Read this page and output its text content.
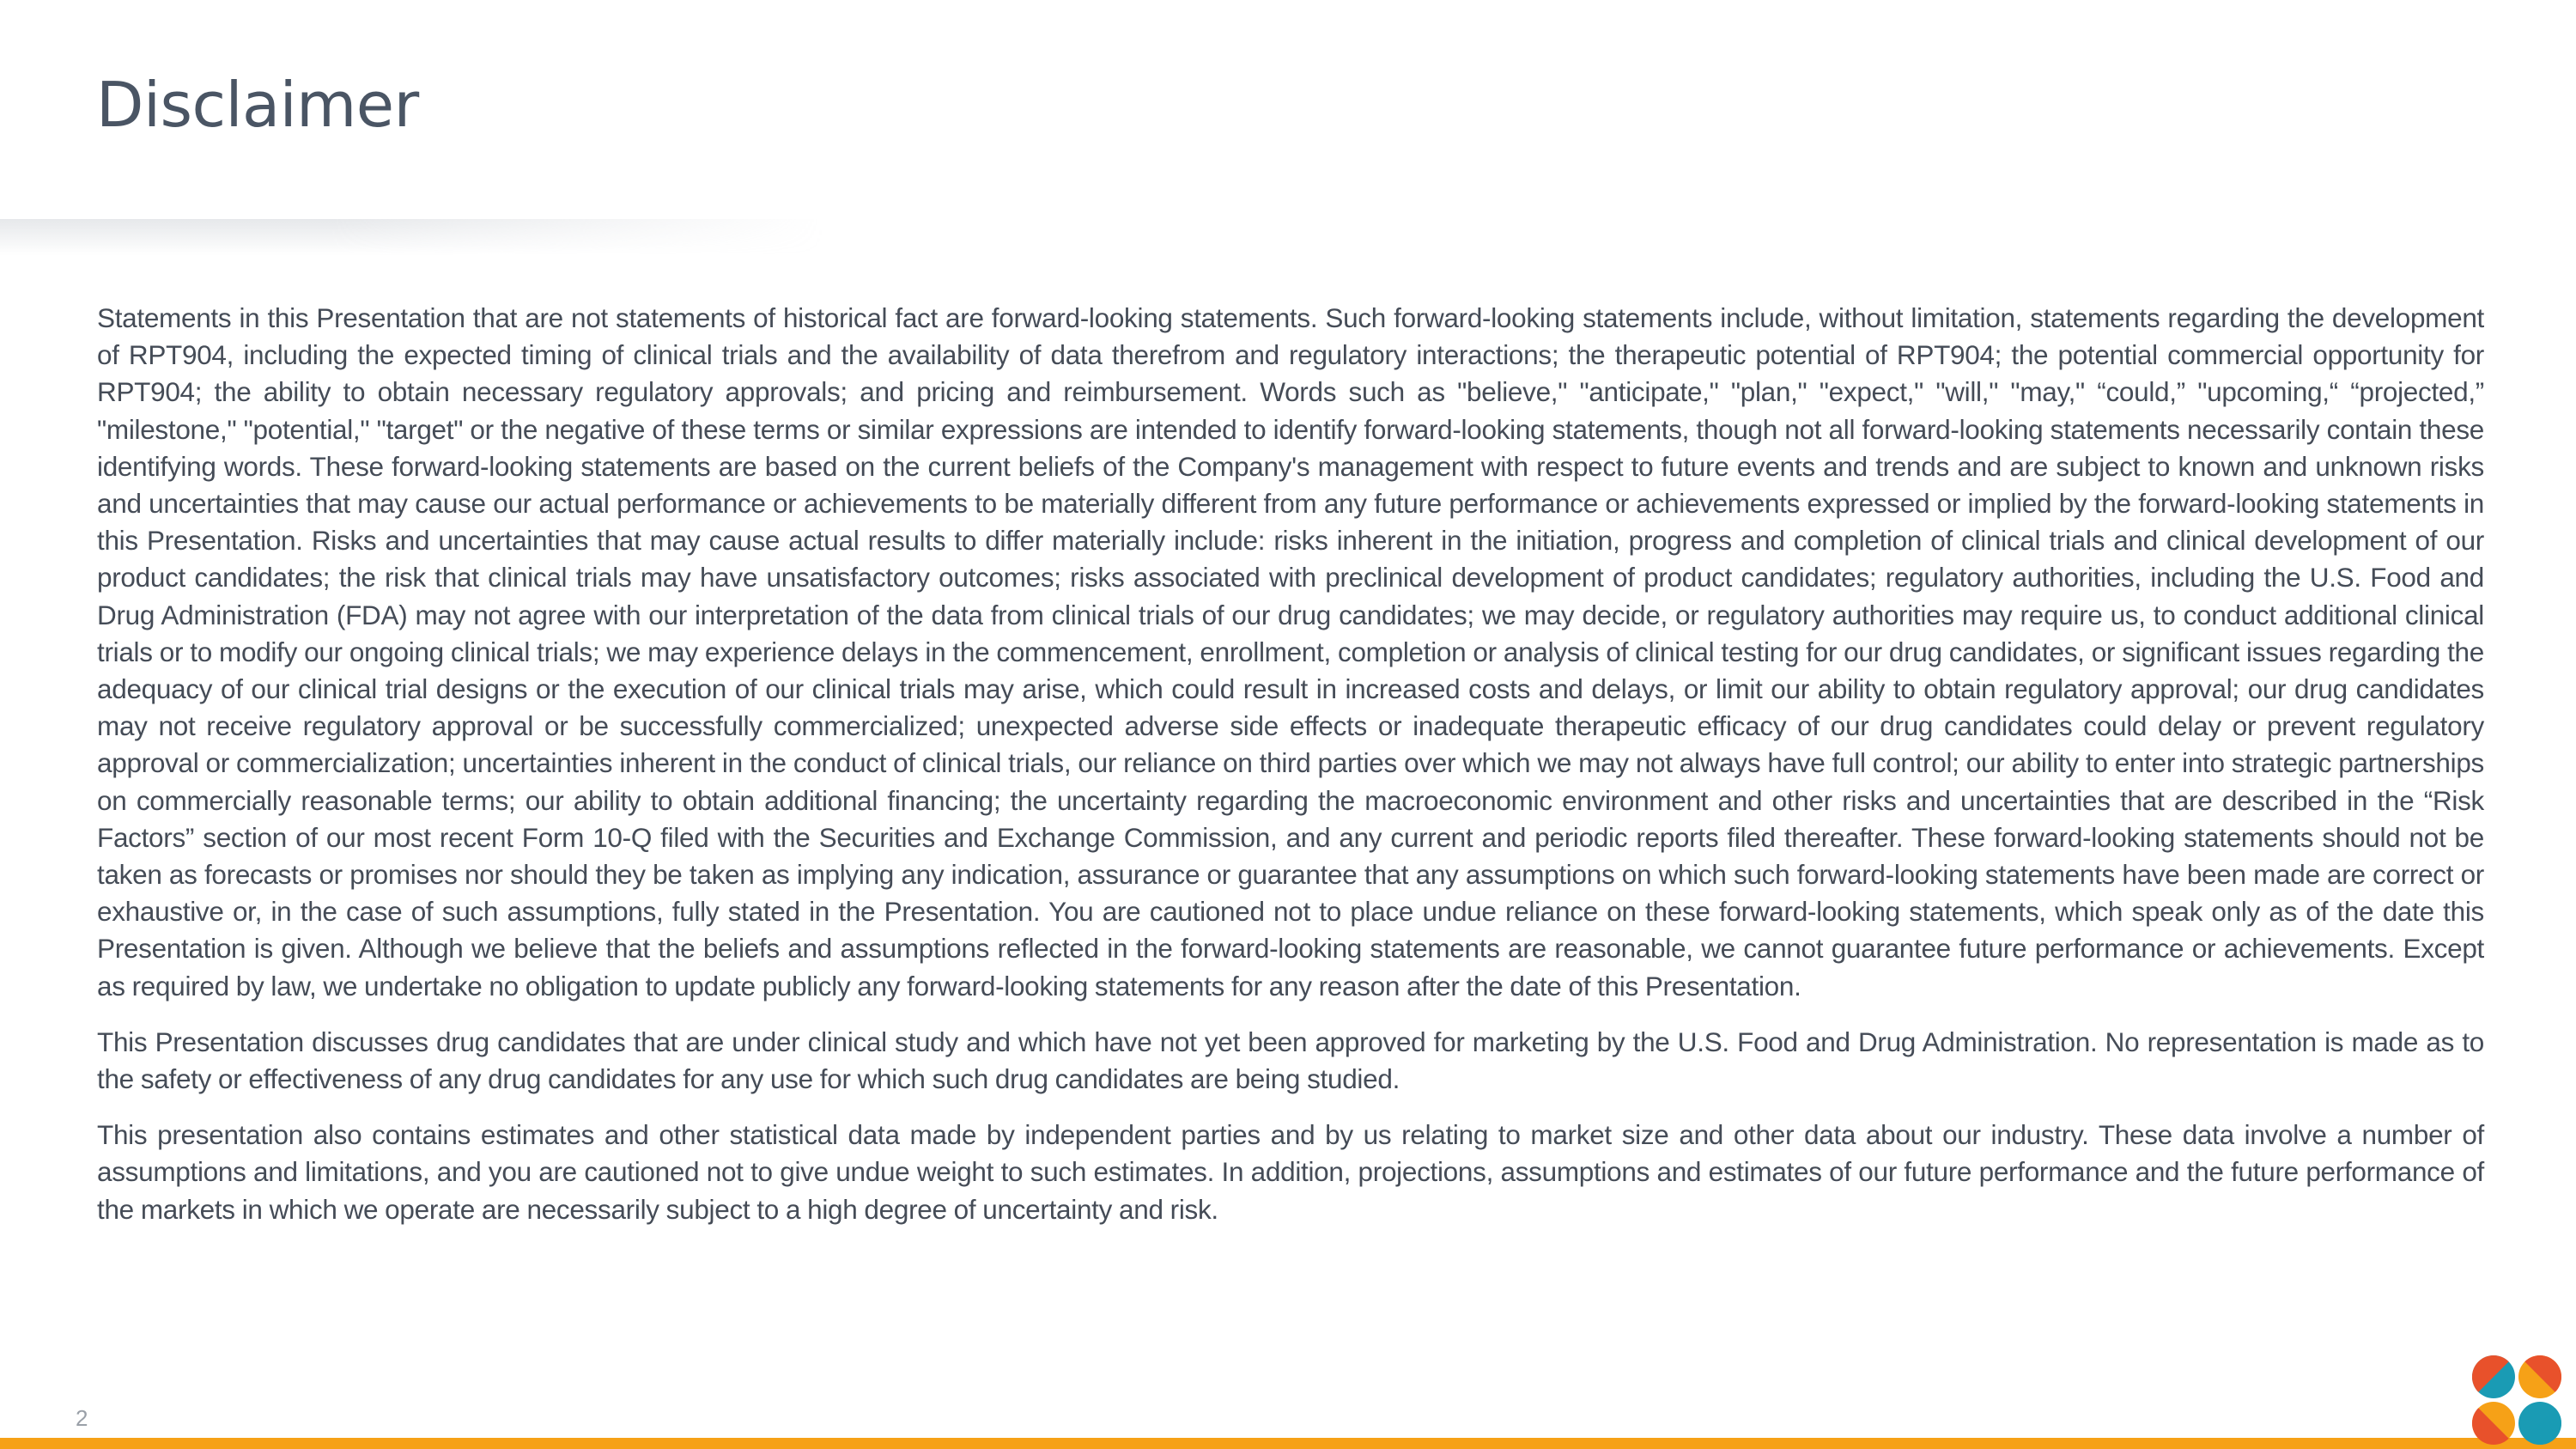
Disclaimer

Statements in this Presentation that are not statements of historical fact are forward-looking statements. Such forward-looking statements include, without limitation, statements regarding the development of RPT904, including the expected timing of clinical trials and the availability of data therefrom and regulatory interactions; the therapeutic potential of RPT904; the potential commercial opportunity for RPT904; the ability to obtain necessary regulatory approvals; and pricing and reimbursement. Words such as "believe," "anticipate," "plan," "expect," "will," "may," “could,” "upcoming,“ “projected,” "milestone," "potential," "target" or the negative of these terms or similar expressions are intended to identify forward-looking statements, though not all forward-looking statements necessarily contain these identifying words. These forward-looking statements are based on the current beliefs of the Company's management with respect to future events and trends and are subject to known and unknown risks and uncertainties that may cause our actual performance or achievements to be materially different from any future performance or achievements expressed or implied by the forward-looking statements in this Presentation. Risks and uncertainties that may cause actual results to differ materially include: risks inherent in the initiation, progress and completion of clinical trials and clinical development of our product candidates; the risk that clinical trials may have unsatisfactory outcomes; risks associated with preclinical development of product candidates; regulatory authorities, including the U.S. Food and Drug Administration (FDA) may not agree with our interpretation of the data from clinical trials of our drug candidates; we may decide, or regulatory authorities may require us, to conduct additional clinical trials or to modify our ongoing clinical trials; we may experience delays in the commencement, enrollment, completion or analysis of clinical testing for our drug candidates, or significant issues regarding the adequacy of our clinical trial designs or the execution of our clinical trials may arise, which could result in increased costs and delays, or limit our ability to obtain regulatory approval; our drug candidates may not receive regulatory approval or be successfully commercialized; unexpected adverse side effects or inadequate therapeutic efficacy of our drug candidates could delay or prevent regulatory approval or commercialization; uncertainties inherent in the conduct of clinical trials, our reliance on third parties over which we may not always have full control; our ability to enter into strategic partnerships on commercially reasonable terms; our ability to obtain additional financing; the uncertainty regarding the macroeconomic environment and other risks and uncertainties that are described in the “Risk Factors” section of our most recent Form 10-Q filed with the Securities and Exchange Commission, and any current and periodic reports filed thereafter. These forward-looking statements should not be taken as forecasts or promises nor should they be taken as implying any indication, assurance or guarantee that any assumptions on which such forward-looking statements have been made are correct or exhaustive or, in the case of such assumptions, fully stated in the Presentation. You are cautioned not to place undue reliance on these forward-looking statements, which speak only as of the date this Presentation is given. Although we believe that the beliefs and assumptions reflected in the forward-looking statements are reasonable, we cannot guarantee future performance or achievements. Except as required by law, we undertake no obligation to update publicly any forward-looking statements for any reason after the date of this Presentation.

This Presentation discusses drug candidates that are under clinical study and which have not yet been approved for marketing by the U.S. Food and Drug Administration. No representation is made as to the safety or effectiveness of any drug candidates for any use for which such drug candidates are being studied.

This presentation also contains estimates and other statistical data made by independent parties and by us relating to market size and other data about our industry. These data involve a number of assumptions and limitations, and you are cautioned not to give undue weight to such estimates. In addition, projections, assumptions and estimates of our future performance and the future performance of the markets in which we operate are necessarily subject to a high degree of uncertainty and risk.

2
